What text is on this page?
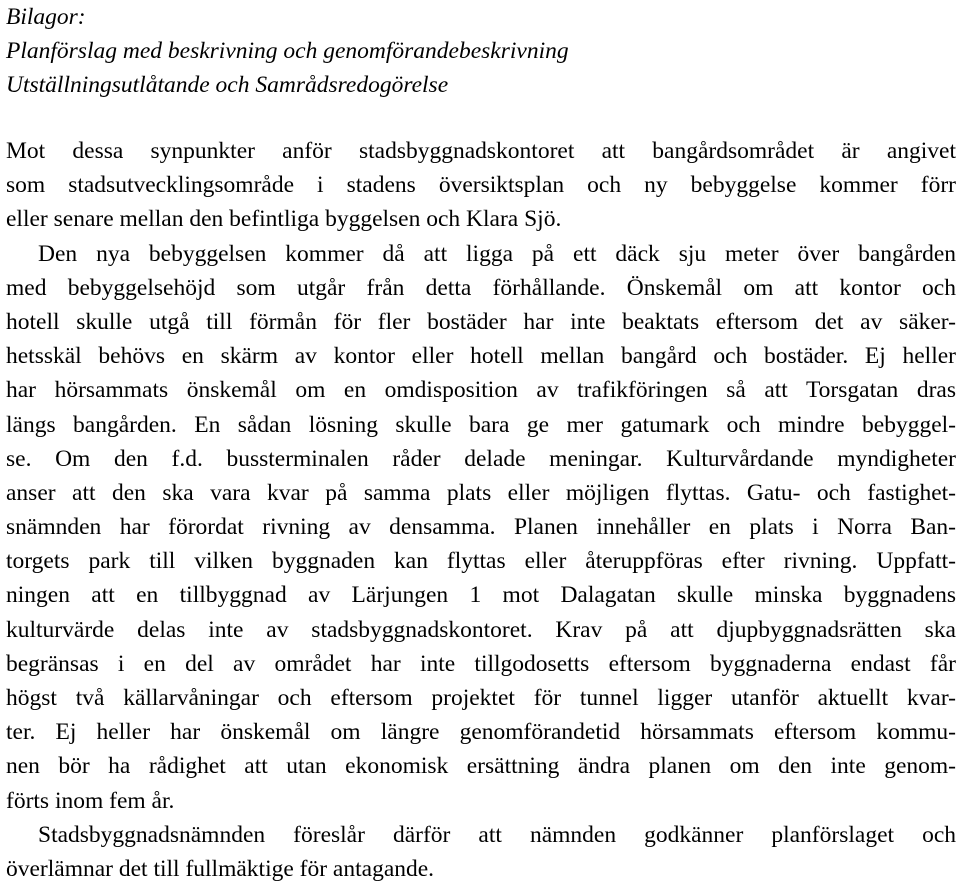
Bilagor:
Planförslag med beskrivning och genomförandebeskrivning
Utställningsutlåtande och Samrådsredogörelse
Mot dessa synpunkter anför stadsbyggnadskontoret att bangårdsområdet är angivet
som stadsutvecklingsområde i stadens översiktsplan och ny bebyggelse kommer förr
eller senare mellan den befintliga byggelsen och Klara Sjö.
Den nya bebyggelsen kommer då att ligga på ett däck sju meter över bangården
med bebyggelsehöjd som utgår från detta förhållande. Önskemål om att kontor och
hotell skulle utgå till förmån för fler bostäder har inte beaktats eftersom det av säker-
hetsskäl behövs en skärm av kontor eller hotell mellan bangård och bostäder. Ej heller
har hörsammats önskemål om en omdisposition av trafikföringen så att Torsgatan dras
längs bangården. En sådan lösning skulle bara ge mer gatumark och mindre bebyggel-
se. Om den f.d. bussterminalen råder delade meningar. Kulturvårdande myndigheter
anser att den ska vara kvar på samma plats eller möjligen flyttas. Gatu- och fastighet-
snämnden har förordat rivning av densamma. Planen innehåller en plats i Norra Ban-
torgets park till vilken byggnaden kan flyttas eller återuppföras efter rivning. Uppfatt-
ningen att en tillbyggnad av Lärjungen 1 mot Dalagatan skulle minska byggnadens
kulturvärde delas inte av stadsbyggnadskontoret. Krav på att djupbyggnadsrätten ska
begränsas i en del av området har inte tillgodosetts eftersom byggnaderna endast får
högst två källarvåningar och eftersom projektet för tunnel ligger utanför aktuellt kvar-
ter. Ej heller har önskemål om längre genomförandetid hörsammats eftersom kommu-
nen bör ha rådighet att utan ekonomisk ersättning ändra planen om den inte genom-
förts inom fem år.
Stadsbyggnadsnämnden föreslår därför att nämnden godkänner planförslaget och
överlämnar det till fullmäktige för antagande.
